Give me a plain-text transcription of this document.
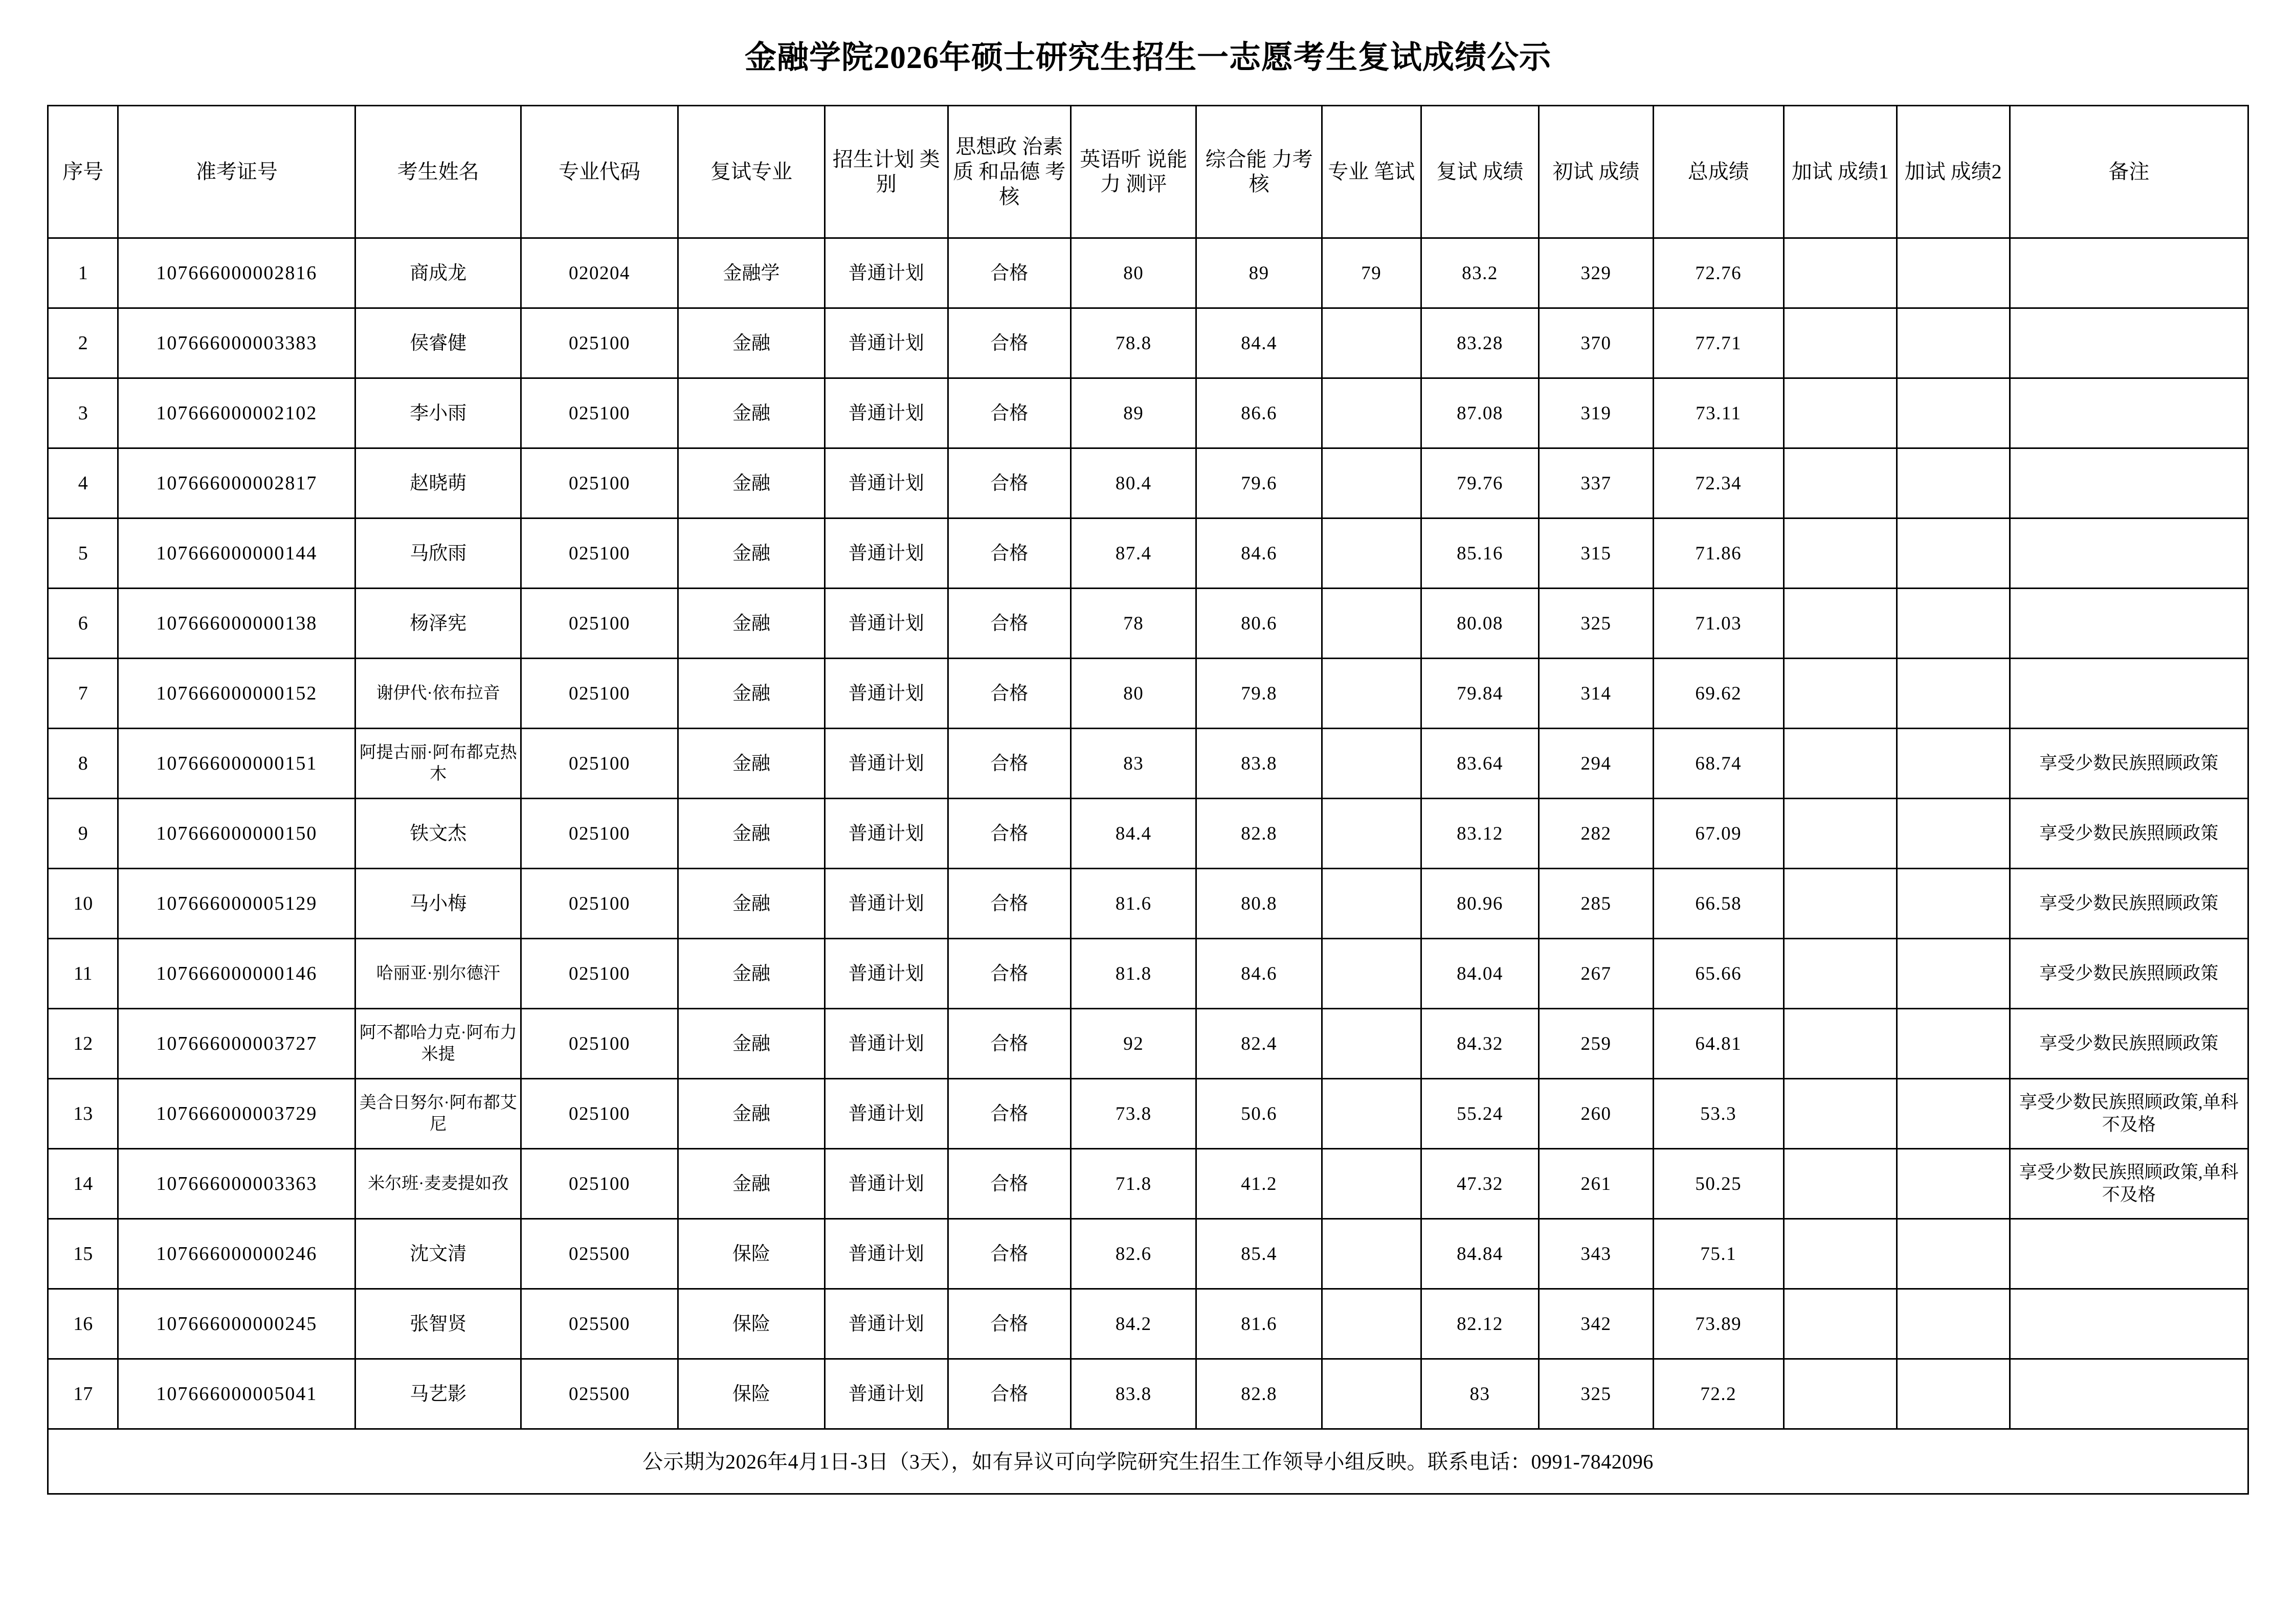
金融学院2026年硕士研究生招生一志愿考生复试成绩公示
序号	准考证号	考生姓名	专业代码	复试专业	招生计划 类别	思想政 治素质 和品德 考核	英语听 说能力 测评	综合能 力考核	专业 笔试	复试 成绩	初试 成绩	总成绩	加试 成绩1	加试 成绩2	备注
1	107666000002816	商成龙	020204	金融学	普通计划	合格	80	89	79	83.2	329	72.76			
2	107666000003383	侯睿健	025100	金融	普通计划	合格	78.8	84.4		83.28	370	77.71			
3	107666000002102	李小雨	025100	金融	普通计划	合格	89	86.6		87.08	319	73.11			
4	107666000002817	赵晓萌	025100	金融	普通计划	合格	80.4	79.6		79.76	337	72.34			
5	107666000000144	马欣雨	025100	金融	普通计划	合格	87.4	84.6		85.16	315	71.86			
6	107666000000138	杨泽宪	025100	金融	普通计划	合格	78	80.6		80.08	325	71.03			
7	107666000000152	谢伊代·依布拉音	025100	金融	普通计划	合格	80	79.8		79.84	314	69.62			
8	107666000000151	阿提古丽·阿布都克热木	025100	金融	普通计划	合格	83	83.8		83.64	294	68.74			享受少数民族照顾政策
9	107666000000150	铁文杰	025100	金融	普通计划	合格	84.4	82.8		83.12	282	67.09			享受少数民族照顾政策
10	107666000005129	马小梅	025100	金融	普通计划	合格	81.6	80.8		80.96	285	66.58			享受少数民族照顾政策
11	107666000000146	哈丽亚·别尔德汗	025100	金融	普通计划	合格	81.8	84.6		84.04	267	65.66			享受少数民族照顾政策
12	107666000003727	阿不都哈力克·阿布力米提	025100	金融	普通计划	合格	92	82.4		84.32	259	64.81			享受少数民族照顾政策
13	107666000003729	美合日努尔·阿布都艾尼	025100	金融	普通计划	合格	73.8	50.6		55.24	260	53.3			享受少数民族照顾政策,单科不及格
14	107666000003363	米尔班·麦麦提如孜	025100	金融	普通计划	合格	71.8	41.2		47.32	261	50.25			享受少数民族照顾政策,单科不及格
15	107666000000246	沈文清	025500	保险	普通计划	合格	82.6	85.4		84.84	343	75.1			
16	107666000000245	张智贤	025500	保险	普通计划	合格	84.2	81.6		82.12	342	73.89			
17	107666000005041	马艺影	025500	保险	普通计划	合格	83.8	82.8		83	325	72.2			
公示期为2026年4月1日-3日（3天），如有异议可向学院研究生招生工作领导小组反映。联系电话：0991-7842096															
